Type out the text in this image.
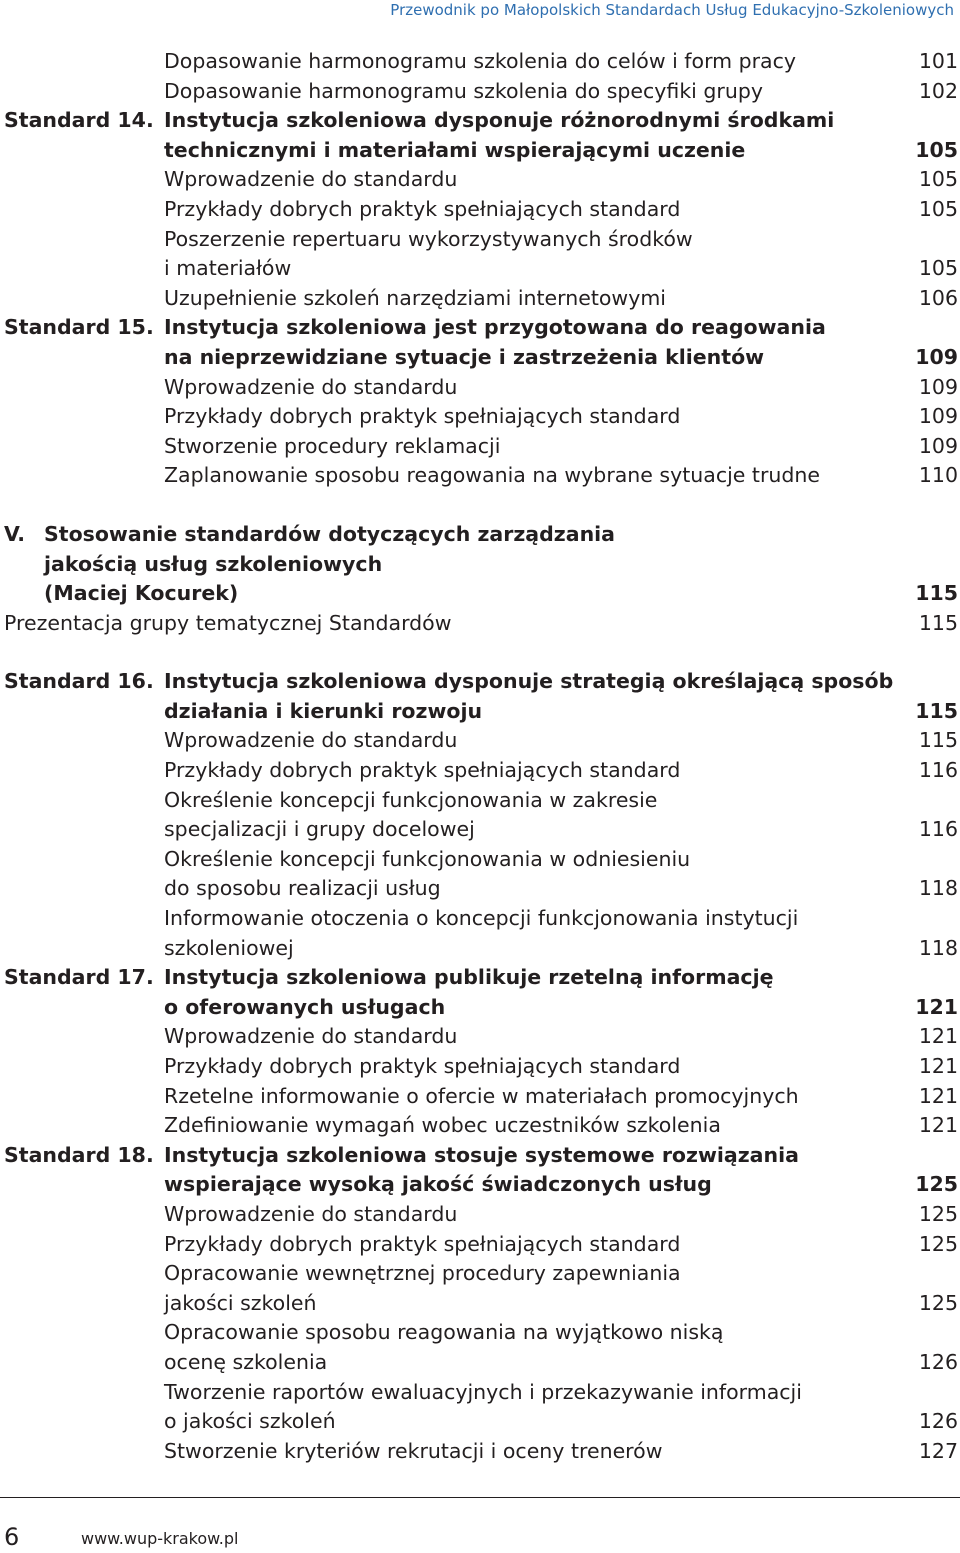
Przewodnik po Małopolskich Standardach Usług Edukacyjno-Szkoleniowych
Dopasowanie harmonogramu szkolenia do celów i form pracy	101
Dopasowanie harmonogramu szkolenia do specyfiki grupy	102
Standard 14. Instytucja szkoleniowa dysponuje różnorodnymi środkami
technicznymi i materiałami wspierającymi uczenie	105
Wprowadzenie do standardu	105
Przykłady dobrych praktyk spełniających standard	105
Poszerzenie repertuaru wykorzystywanych środków
i materiałów	105
Uzupełnienie szkoleń narzędziami internetowymi	106
Standard 15. Instytucja szkoleniowa jest przygotowana do reagowania
na nieprzewidziane sytuacje i zastrzeżenia klientów	109
Wprowadzenie do standardu	109
Przykłady dobrych praktyk spełniających standard	109
Stworzenie procedury reklamacji	109
Zaplanowanie sposobu reagowania na wybrane sytuacje trudne	110
V. Stosowanie standardów dotyczących zarządzania
jakością usług szkoleniowych
(Maciej Kocurek)	115
Prezentacja grupy tematycznej Standardów	115
Standard 16. Instytucja szkoleniowa dysponuje strategią określającą sposób
działania i kierunki rozwoju	115
Wprowadzenie do standardu	115
Przykłady dobrych praktyk spełniających standard	116
Określenie koncepcji funkcjonowania w zakresie
specjalizacji i grupy docelowej	116
Określenie koncepcji funkcjonowania w odniesieniu
do sposobu realizacji usług	118
Informowanie otoczenia o koncepcji funkcjonowania instytucji
szkoleniowej	118
Standard 17. Instytucja szkoleniowa publikuje rzetelną informację
o oferowanych usługach	121
Wprowadzenie do standardu	121
Przykłady dobrych praktyk spełniających standard	121
Rzetelne informowanie o ofercie w materiałach promocyjnych	121
Zdefiniowanie wymagań wobec uczestników szkolenia	121
Standard 18. Instytucja szkoleniowa stosuje systemowe rozwiązania
wspierające wysoką jakość świadczonych usług	125
Wprowadzenie do standardu	125
Przykłady dobrych praktyk spełniających standard	125
Opracowanie wewnętrznej procedury zapewniania
jakości szkoleń	125
Opracowanie sposobu reagowania na wyjątkowo niską
ocenę szkolenia	126
Tworzenie raportów ewaluacyjnych i przekazywanie informacji
o jakości szkoleń	126
Stworzenie kryteriów rekrutacji i oceny trenerów	127
6	www.wup-krakow.pl
